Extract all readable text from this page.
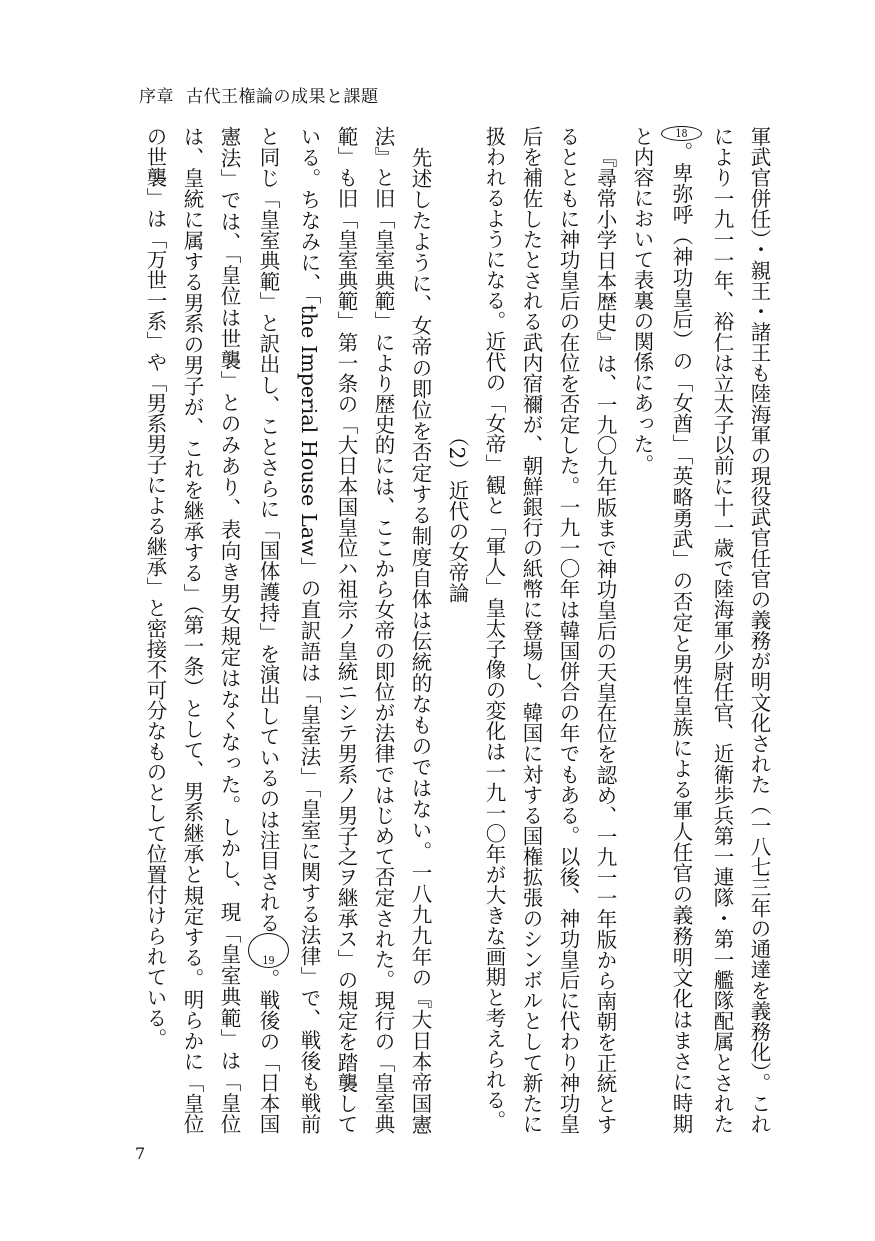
序章 古代王権論の成果と課題

軍武官併任）・親王・諸王も陸海軍の現役武官任官の義務が明文化された（一八七三年の通達を義務化）。これにより一九一一年、裕仁は立太子以前に十一歳で陸海軍少尉任官、近衛歩兵第一連隊・第一艦隊配属とされた18。卑弥呼（神功皇后）の「女酋」「英略勇武」の否定と男性皇族による軍人任官の義務明文化はまさに時期と内容において表裏の関係にあった。

『尋常小学日本歴史』は、一九〇九年版まで神功皇后の天皇在位を認め、一九一一年版から南朝を正統とするとともに神功皇后の在位を否定した。一九一〇年は韓国併合の年でもある。以後、神功皇后に代わり神功皇后を補佐したとされる武内宿禰が、朝鮮銀行の紙幣に登場し、韓国に対する国権拡張のシンボルとして新たに扱われるようになる。近代の「女帝」観と「軍人」皇太子像の変化は一九一〇年が大きな画期と考えられる。

（2）近代の女帝論

先述したように、女帝の即位を否定する制度自体は伝統的なものではない。一八九九年の『大日本帝国憲法』と旧「皇室典範」により歴史的には、ここから女帝の即位が法律ではじめて否定された。現行の「皇室典範」も旧「皇室典範」第一条の「大日本国皇位ハ祖宗ノ皇統ニシテ男系ノ男子之ヲ継承ス」の規定を踏襲している。ちなみに、「the Imperial House Law」の直訳語は「皇室法」「皇室に関する法律」で、戦後も戦前と同じ「皇室典範」と訳出し、ことさらに「国体護持」を演出しているのは注目される19。戦後の「日本国憲法」では、「皇位は世襲」とのみあり、表向き男女規定はなくなった。しかし、現「皇室典範」は「皇位は、皇統に属する男系の男子が、これを継承する」（第一条）として、男系継承と規定する。明らかに「皇位の世襲」は「万世一系」や「男系男子による継承」と密接不可分なものとして位置付けられている。

7
